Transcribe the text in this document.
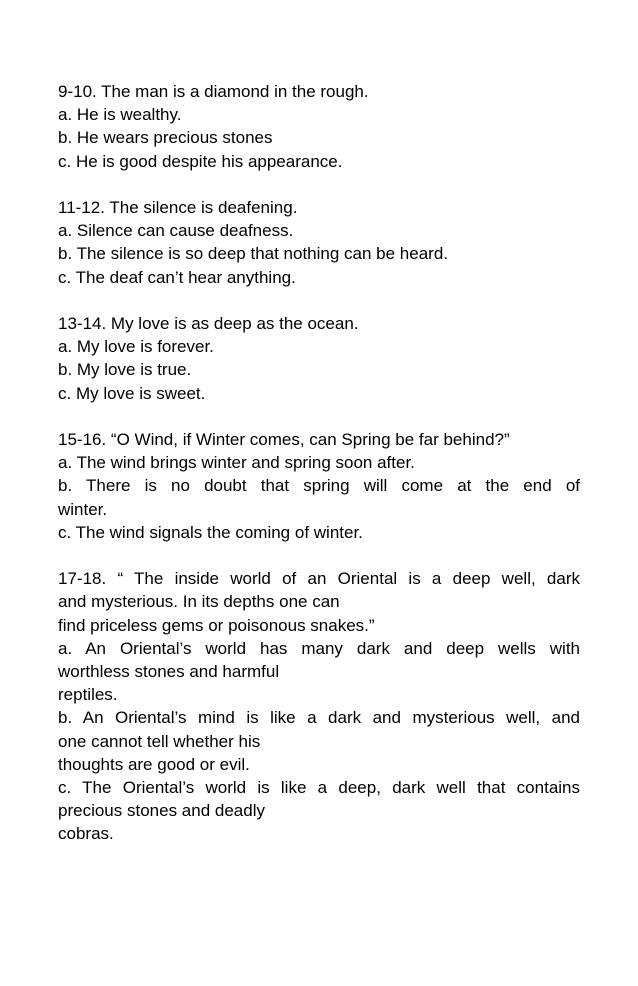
9-10. The man is a diamond in the rough.
a. He is wealthy.
b. He wears precious stones
c. He is good despite his appearance.
11-12. The silence is deafening.
a. Silence can cause deafness.
b. The silence is so deep that nothing can be heard.
c. The deaf can’t hear anything.
13-14. My love is as deep as the ocean.
a. My love is forever.
b. My love is true.
c. My love is sweet.
15-16. “O Wind, if Winter comes, can Spring be far behind?”
a. The wind brings winter and spring soon after.
b. There is no doubt that spring will come at the end of
winter.
c. The wind signals the coming of winter.
17-18. “ The inside world of an Oriental is a deep well, dark
and mysterious. In its depths one can
find priceless gems or poisonous snakes.”
a. An Oriental’s world has many dark and deep wells with
worthless stones and harmful
reptiles.
b. An Oriental’s mind is like a dark and mysterious well, and
one cannot tell whether his
thoughts are good or evil.
c. The Oriental’s world is like a deep, dark well that contains
precious stones and deadly
cobras.
